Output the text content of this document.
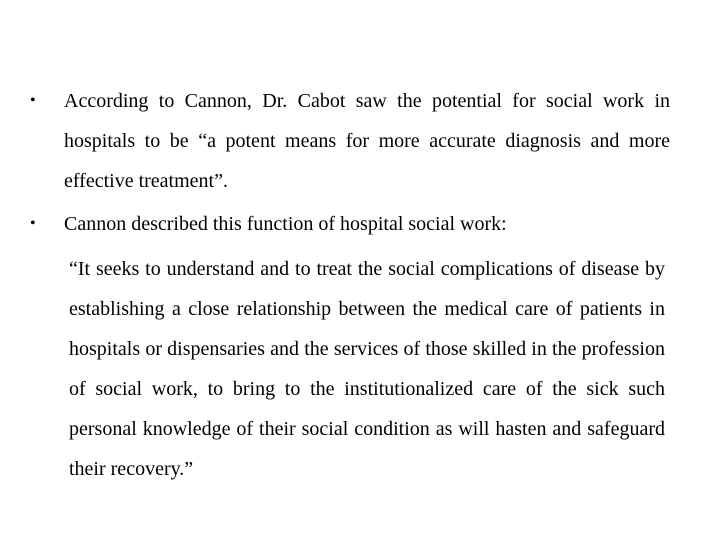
•	According to Cannon, Dr. Cabot saw the potential for social work in hospitals to be “a potent means for more accurate diagnosis and more effective treatment”.
•	Cannon described this function of hospital social work:
“It seeks to understand and to treat the social complications of disease by establishing a close relationship between the medical care of patients in hospitals or dispensaries and the services of those skilled in the profession of social work, to bring to the institutionalized care of the sick such personal knowledge of their social condition as will hasten and safeguard their recovery.”
